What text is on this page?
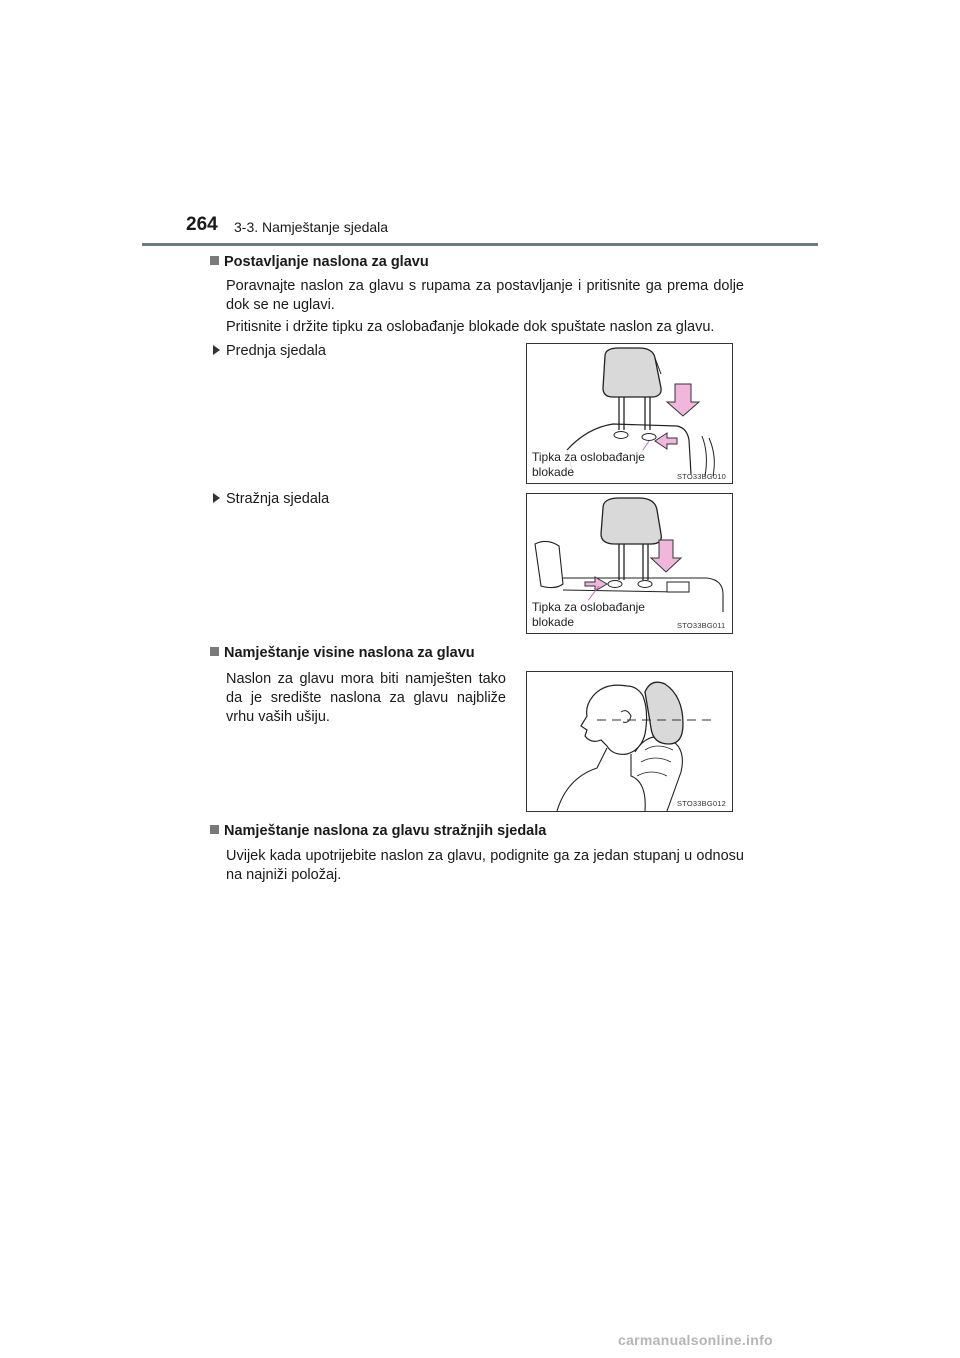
264 3-3. Namještanje sjedala
Postavljanje naslona za glavu
Poravnajte naslon za glavu s rupama za postavljanje i pritisnite ga prema dolje dok se ne uglavi.
Pritisnite i držite tipku za oslobađanje blokade dok spuštate naslon za glavu.
Prednja sjedala
Tipka za oslobađanje blokade	STO33BG010
Stražnja sjedala
Tipka za oslobađanje blokade	STO33BG011
Namještanje visine naslona za glavu
Naslon za glavu mora biti namješten tako da je središte naslona za glavu najbliže vrhu vaših ušiju.
STO33BG012
Namještanje naslona za glavu stražnjih sjedala
Uvijek kada upotrijebite naslon za glavu, podignite ga za jedan stupanj u odnosu na najniži položaj.
carmanualsonline.info
